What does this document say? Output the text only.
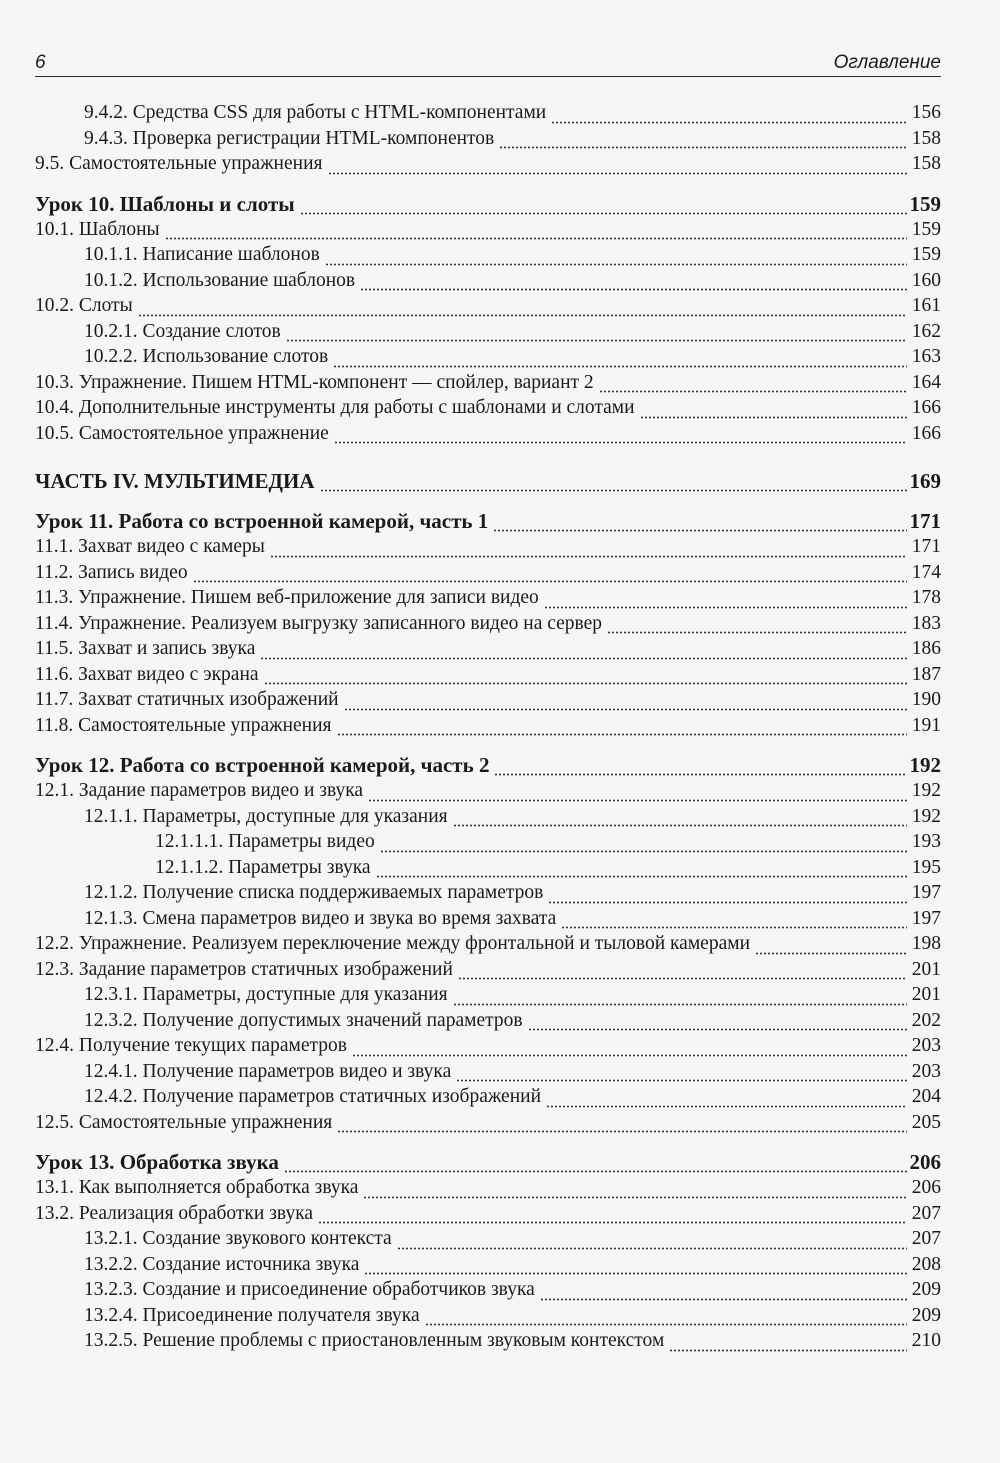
6	Оглавление
9.4.2. Средства CSS для работы с HTML-компонентами	156
9.4.3. Проверка регистрации HTML-компонентов	158
9.5. Самостоятельные упражнения	158
Урок 10. Шаблоны и слоты	159
10.1. Шаблоны	159
10.1.1. Написание шаблонов	159
10.1.2. Использование шаблонов	160
10.2. Слоты	161
10.2.1. Создание слотов	162
10.2.2. Использование слотов	163
10.3. Упражнение. Пишем HTML-компонент — спойлер, вариант 2	164
10.4. Дополнительные инструменты для работы с шаблонами и слотами	166
10.5. Самостоятельное упражнение	166
ЧАСТЬ IV. МУЛЬТИМЕДИА	169
Урок 11. Работа со встроенной камерой, часть 1	171
11.1. Захват видео с камеры	171
11.2. Запись видео	174
11.3. Упражнение. Пишем веб-приложение для записи видео	178
11.4. Упражнение. Реализуем выгрузку записанного видео на сервер	183
11.5. Захват и запись звука	186
11.6. Захват видео с экрана	187
11.7. Захват статичных изображений	190
11.8. Самостоятельные упражнения	191
Урок 12. Работа со встроенной камерой, часть 2	192
12.1. Задание параметров видео и звука	192
12.1.1. Параметры, доступные для указания	192
12.1.1.1. Параметры видео	193
12.1.1.2. Параметры звука	195
12.1.2. Получение списка поддерживаемых параметров	197
12.1.3. Смена параметров видео и звука во время захвата	197
12.2. Упражнение. Реализуем переключение между фронтальной и тыловой камерами	198
12.3. Задание параметров статичных изображений	201
12.3.1. Параметры, доступные для указания	201
12.3.2. Получение допустимых значений параметров	202
12.4. Получение текущих параметров	203
12.4.1. Получение параметров видео и звука	203
12.4.2. Получение параметров статичных изображений	204
12.5. Самостоятельные упражнения	205
Урок 13. Обработка звука	206
13.1. Как выполняется обработка звука	206
13.2. Реализация обработки звука	207
13.2.1. Создание звукового контекста	207
13.2.2. Создание источника звука	208
13.2.3. Создание и присоединение обработчиков звука	209
13.2.4. Присоединение получателя звука	209
13.2.5. Решение проблемы с приостановленным звуковым контекстом	210
